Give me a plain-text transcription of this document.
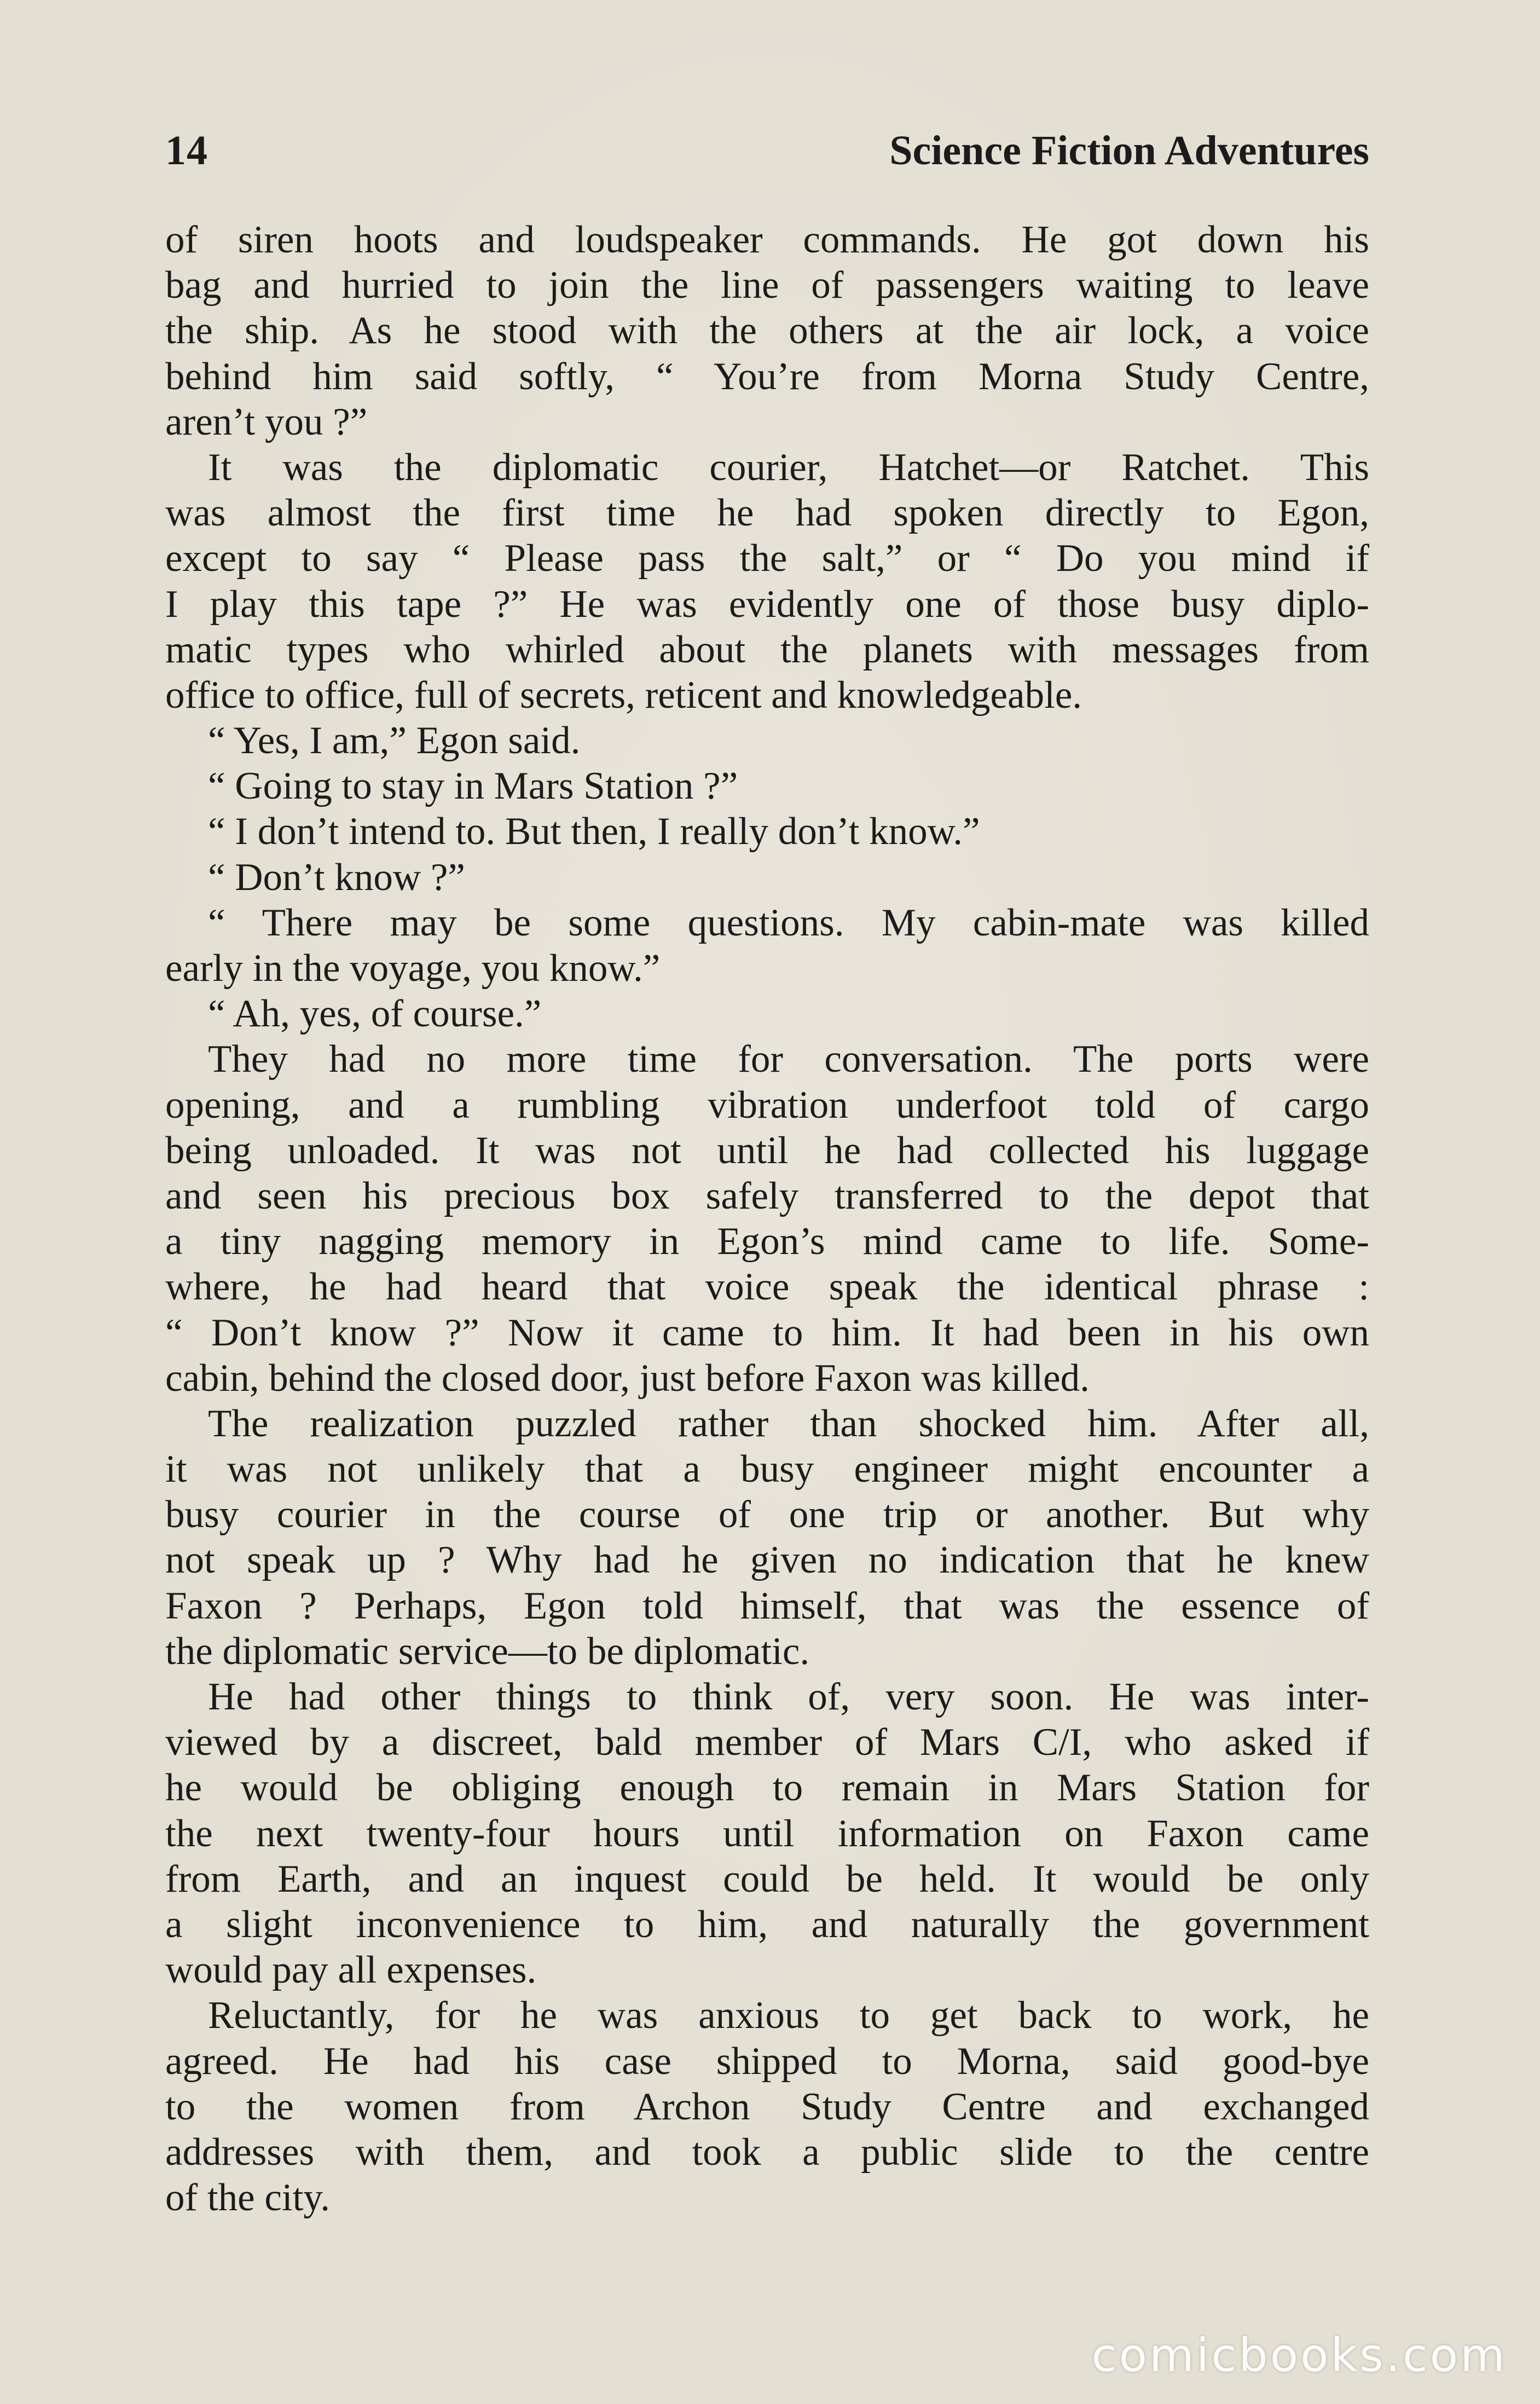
14	Science Fiction Adventures
of siren hoots and loudspeaker commands. He got down his
bag and hurried to join the line of passengers waiting to leave
the ship. As he stood with the others at the air lock, a voice
behind him said softly, “ You’re from Morna Study Centre,
aren’t you ?”
It was the diplomatic courier, Hatchet—or Ratchet. This
was almost the first time he had spoken directly to Egon,
except to say “ Please pass the salt,” or “ Do you mind if
I play this tape ?” He was evidently one of those busy diplo-
matic types who whirled about the planets with messages from
office to office, full of secrets, reticent and knowledgeable.
“ Yes, I am,” Egon said.
“ Going to stay in Mars Station ?”
“ I don’t intend to. But then, I really don’t know.”
“ Don’t know ?”
“ There may be some questions. My cabin-mate was killed
early in the voyage, you know.”
“ Ah, yes, of course.”
They had no more time for conversation. The ports were
opening, and a rumbling vibration underfoot told of cargo
being unloaded. It was not until he had collected his luggage
and seen his precious box safely transferred to the depot that
a tiny nagging memory in Egon’s mind came to life. Some-
where, he had heard that voice speak the identical phrase :
“ Don’t know ?” Now it came to him. It had been in his own
cabin, behind the closed door, just before Faxon was killed.
The realization puzzled rather than shocked him. After all,
it was not unlikely that a busy engineer might encounter a
busy courier in the course of one trip or another. But why
not speak up ? Why had he given no indication that he knew
Faxon ? Perhaps, Egon told himself, that was the essence of
the diplomatic service—to be diplomatic.
He had other things to think of, very soon. He was inter-
viewed by a discreet, bald member of Mars C/I, who asked if
he would be obliging enough to remain in Mars Station for
the next twenty-four hours until information on Faxon came
from Earth, and an inquest could be held. It would be only
a slight inconvenience to him, and naturally the government
would pay all expenses.
Reluctantly, for he was anxious to get back to work, he
agreed. He had his case shipped to Morna, said good-bye
to the women from Archon Study Centre and exchanged
addresses with them, and took a public slide to the centre
of the city.
comicbooks.com
